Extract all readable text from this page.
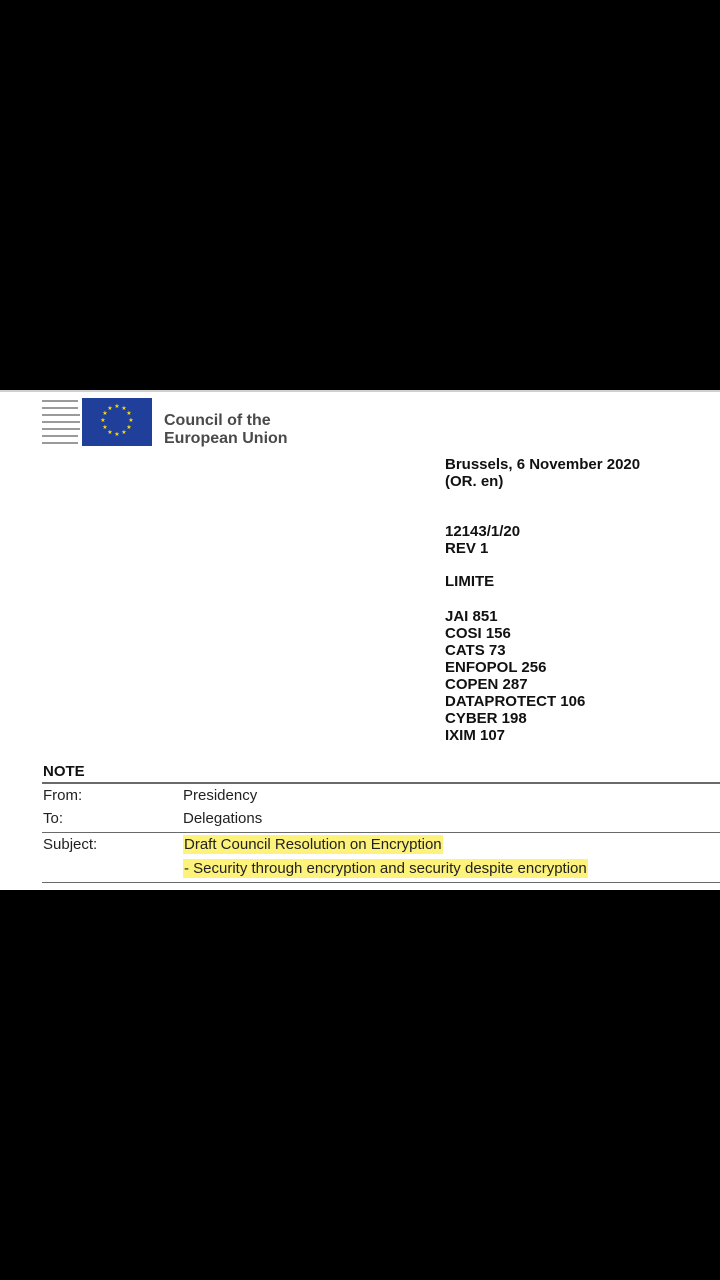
★ ★
★
★
★
★
★
★
★
★
★
★
Council of the
European Union
Brussels, 6 November 2020
(OR. en)
12143/1/20
REV 1
LIMITE
JAI 851
COSI 156
CATS 73
ENFOPOL 256
COPEN 287
DATAPROTECT 106
CYBER 198
IXIM 107
NOTE
From:	Presidency
To:	Delegations
Subject:	Draft Council Resolution on Encryption
- Security through encryption and security despite encryption
